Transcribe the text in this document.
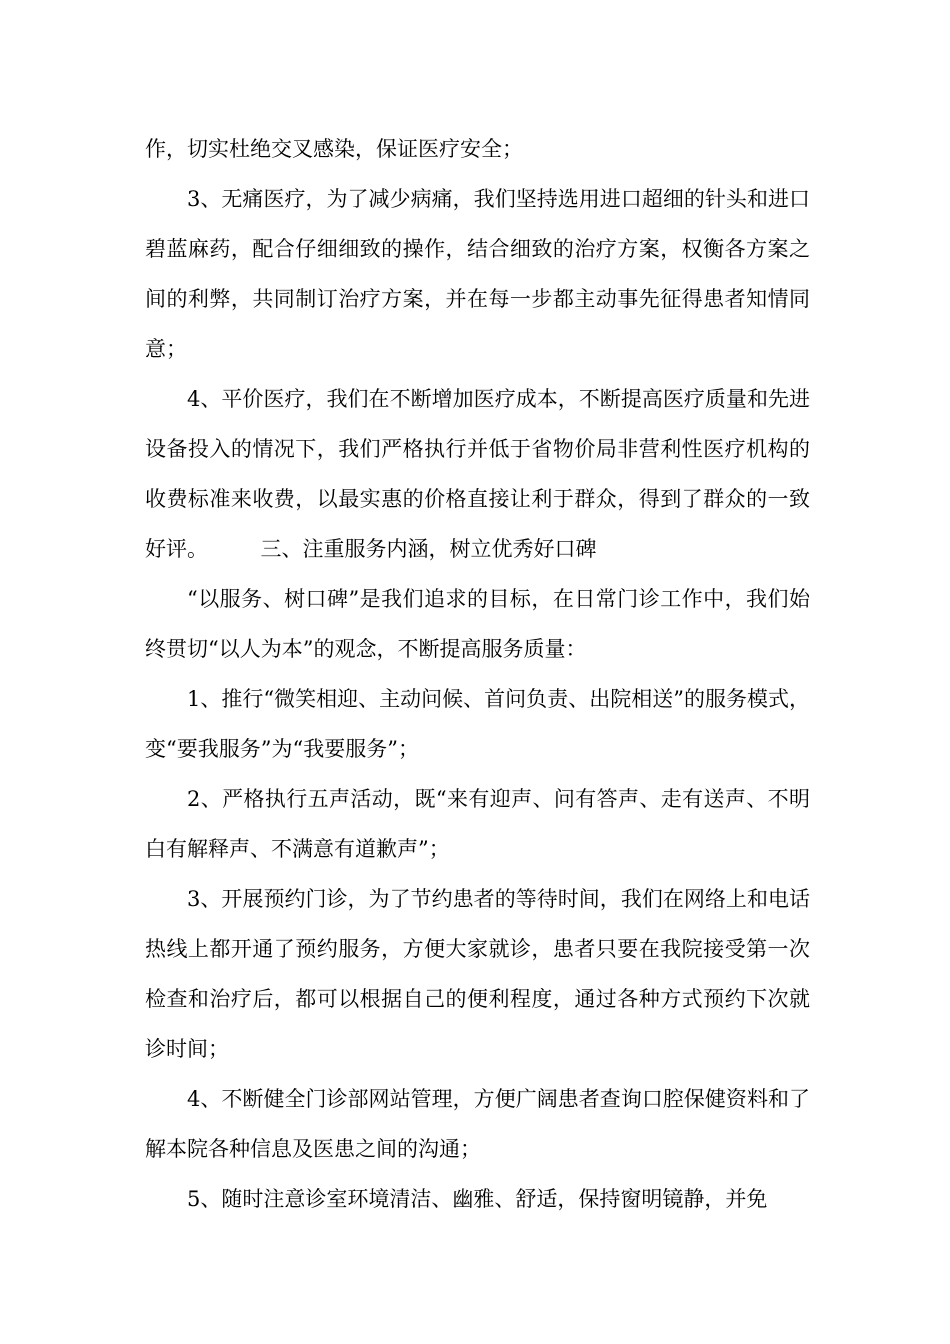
作，切实杜绝交叉感染，保证医疗安全；

3、无痛医疗，为了减少病痛，我们坚持选用进口超细的针头和进口碧蓝麻药，配合仔细细致的操作，结合细致的治疗方案，权衡各方案之间的利弊，共同制订治疗方案，并在每一步都主动事先征得患者知情同意；

4、平价医疗，我们在不断增加医疗成本，不断提高医疗质量和先进设备投入的情况下，我们严格执行并低于省物价局非营利性医疗机构的收费标准来收费，以最实惠的价格直接让利于群众，得到了群众的一致好评。　　　三、注重服务内涵，树立优秀好口碑

“以服务、树口碑”是我们追求的目标，在日常门诊工作中，我们始终贯切“以人为本”的观念，不断提高服务质量：

1、推行“微笑相迎、主动问候、首问负责、出院相送”的服务模式，变“要我服务”为“我要服务”；

2、严格执行五声活动，既“来有迎声、问有答声、走有送声、不明白有解释声、不满意有道歉声”；

3、开展预约门诊，为了节约患者的等待时间，我们在网络上和电话热线上都开通了预约服务，方便大家就诊，患者只要在我院接受第一次检查和治疗后，都可以根据自己的便利程度，通过各种方式预约下次就诊时间；

4、不断健全门诊部网站管理，方便广阔患者查询口腔保健资料和了解本院各种信息及医患之间的沟通；

5、随时注意诊室环境清洁、幽雅、舒适，保持窗明镜静，并免
